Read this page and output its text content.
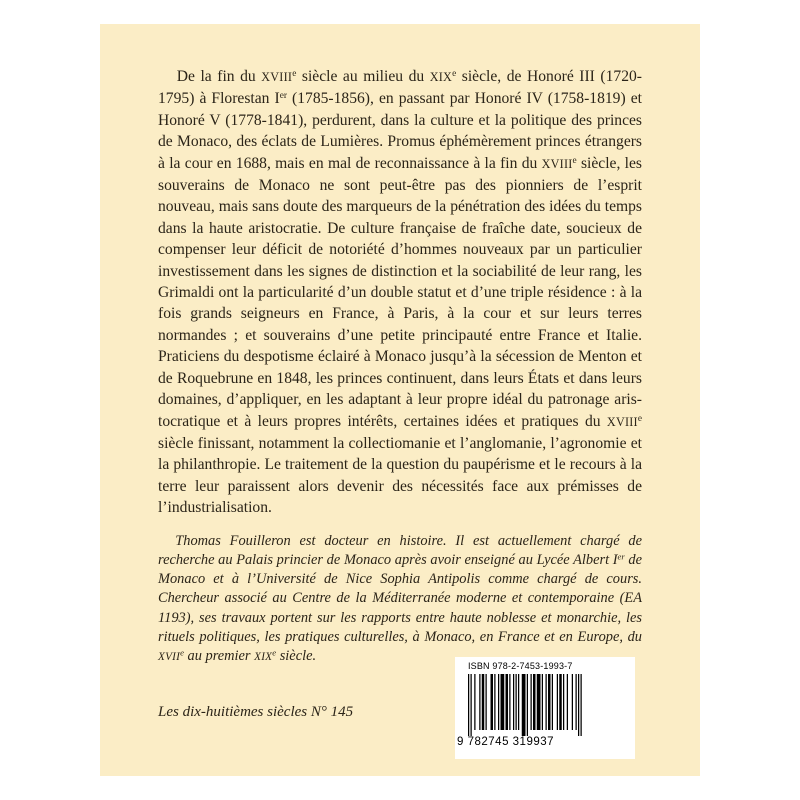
De la fin du XVIIIe siècle au milieu du XIXe siècle, de Honoré III (1720-1795) à Florestan Ier (1785-1856), en passant par Honoré IV (1758-1819) et Honoré V (1778-1841), perdurent, dans la culture et la politique des princes de Monaco, des éclats de Lumières. Promus éphémèrement princes étrangers à la cour en 1688, mais en mal de reconnaissance à la fin du XVIIIe siècle, les souverains de Monaco ne sont peut-être pas des pionniers de l’esprit nouveau, mais sans doute des marqueurs de la pénétration des idées du temps dans la haute aristocratie. De culture française de fraîche date, soucieux de compenser leur déficit de notoriété d’hommes nouveaux par un particulier investissement dans les signes de distinction et la sociabilité de leur rang, les Grimaldi ont la particularité d’un double statut et d’une triple résidence : à la fois grands seigneurs en France, à Paris, à la cour et sur leurs terres normandes ; et souverains d’une petite principauté entre France et Italie. Praticiens du despotisme éclairé à Monaco jusqu’à la sécession de Menton et de Roquebrune en 1848, les princes continuent, dans leurs États et dans leurs domaines, d’appliquer, en les adaptant à leur propre idéal du patronage aristocratique et à leurs propres intérêts, certaines idées et pratiques du XVIIIe siècle finissant, notamment la collectiomanie et l’anglomanie, l’agronomie et la philanthropie. Le traitement de la question du paupérisme et le recours à la terre leur paraissent alors devenir des nécessités face aux prémisses de l’industrialisation.

Thomas Fouilleron est docteur en histoire. Il est actuellement chargé de recherche au Palais princier de Monaco après avoir enseigné au Lycée Albert Ier de Monaco et à l’Université de Nice Sophia Antipolis comme chargé de cours. Chercheur associé au Centre de la Méditerranée moderne et contemporaine (EA 1193), ses travaux portent sur les rapports entre haute noblesse et monarchie, les rituels politiques, les pratiques culturelles, à Monaco, en France et en Europe, du XVIIe au premier XIXe siècle.

Les dix-huitièmes siècles N° 145
ISBN 978-2-7453-1993-7
9 782745 319937
